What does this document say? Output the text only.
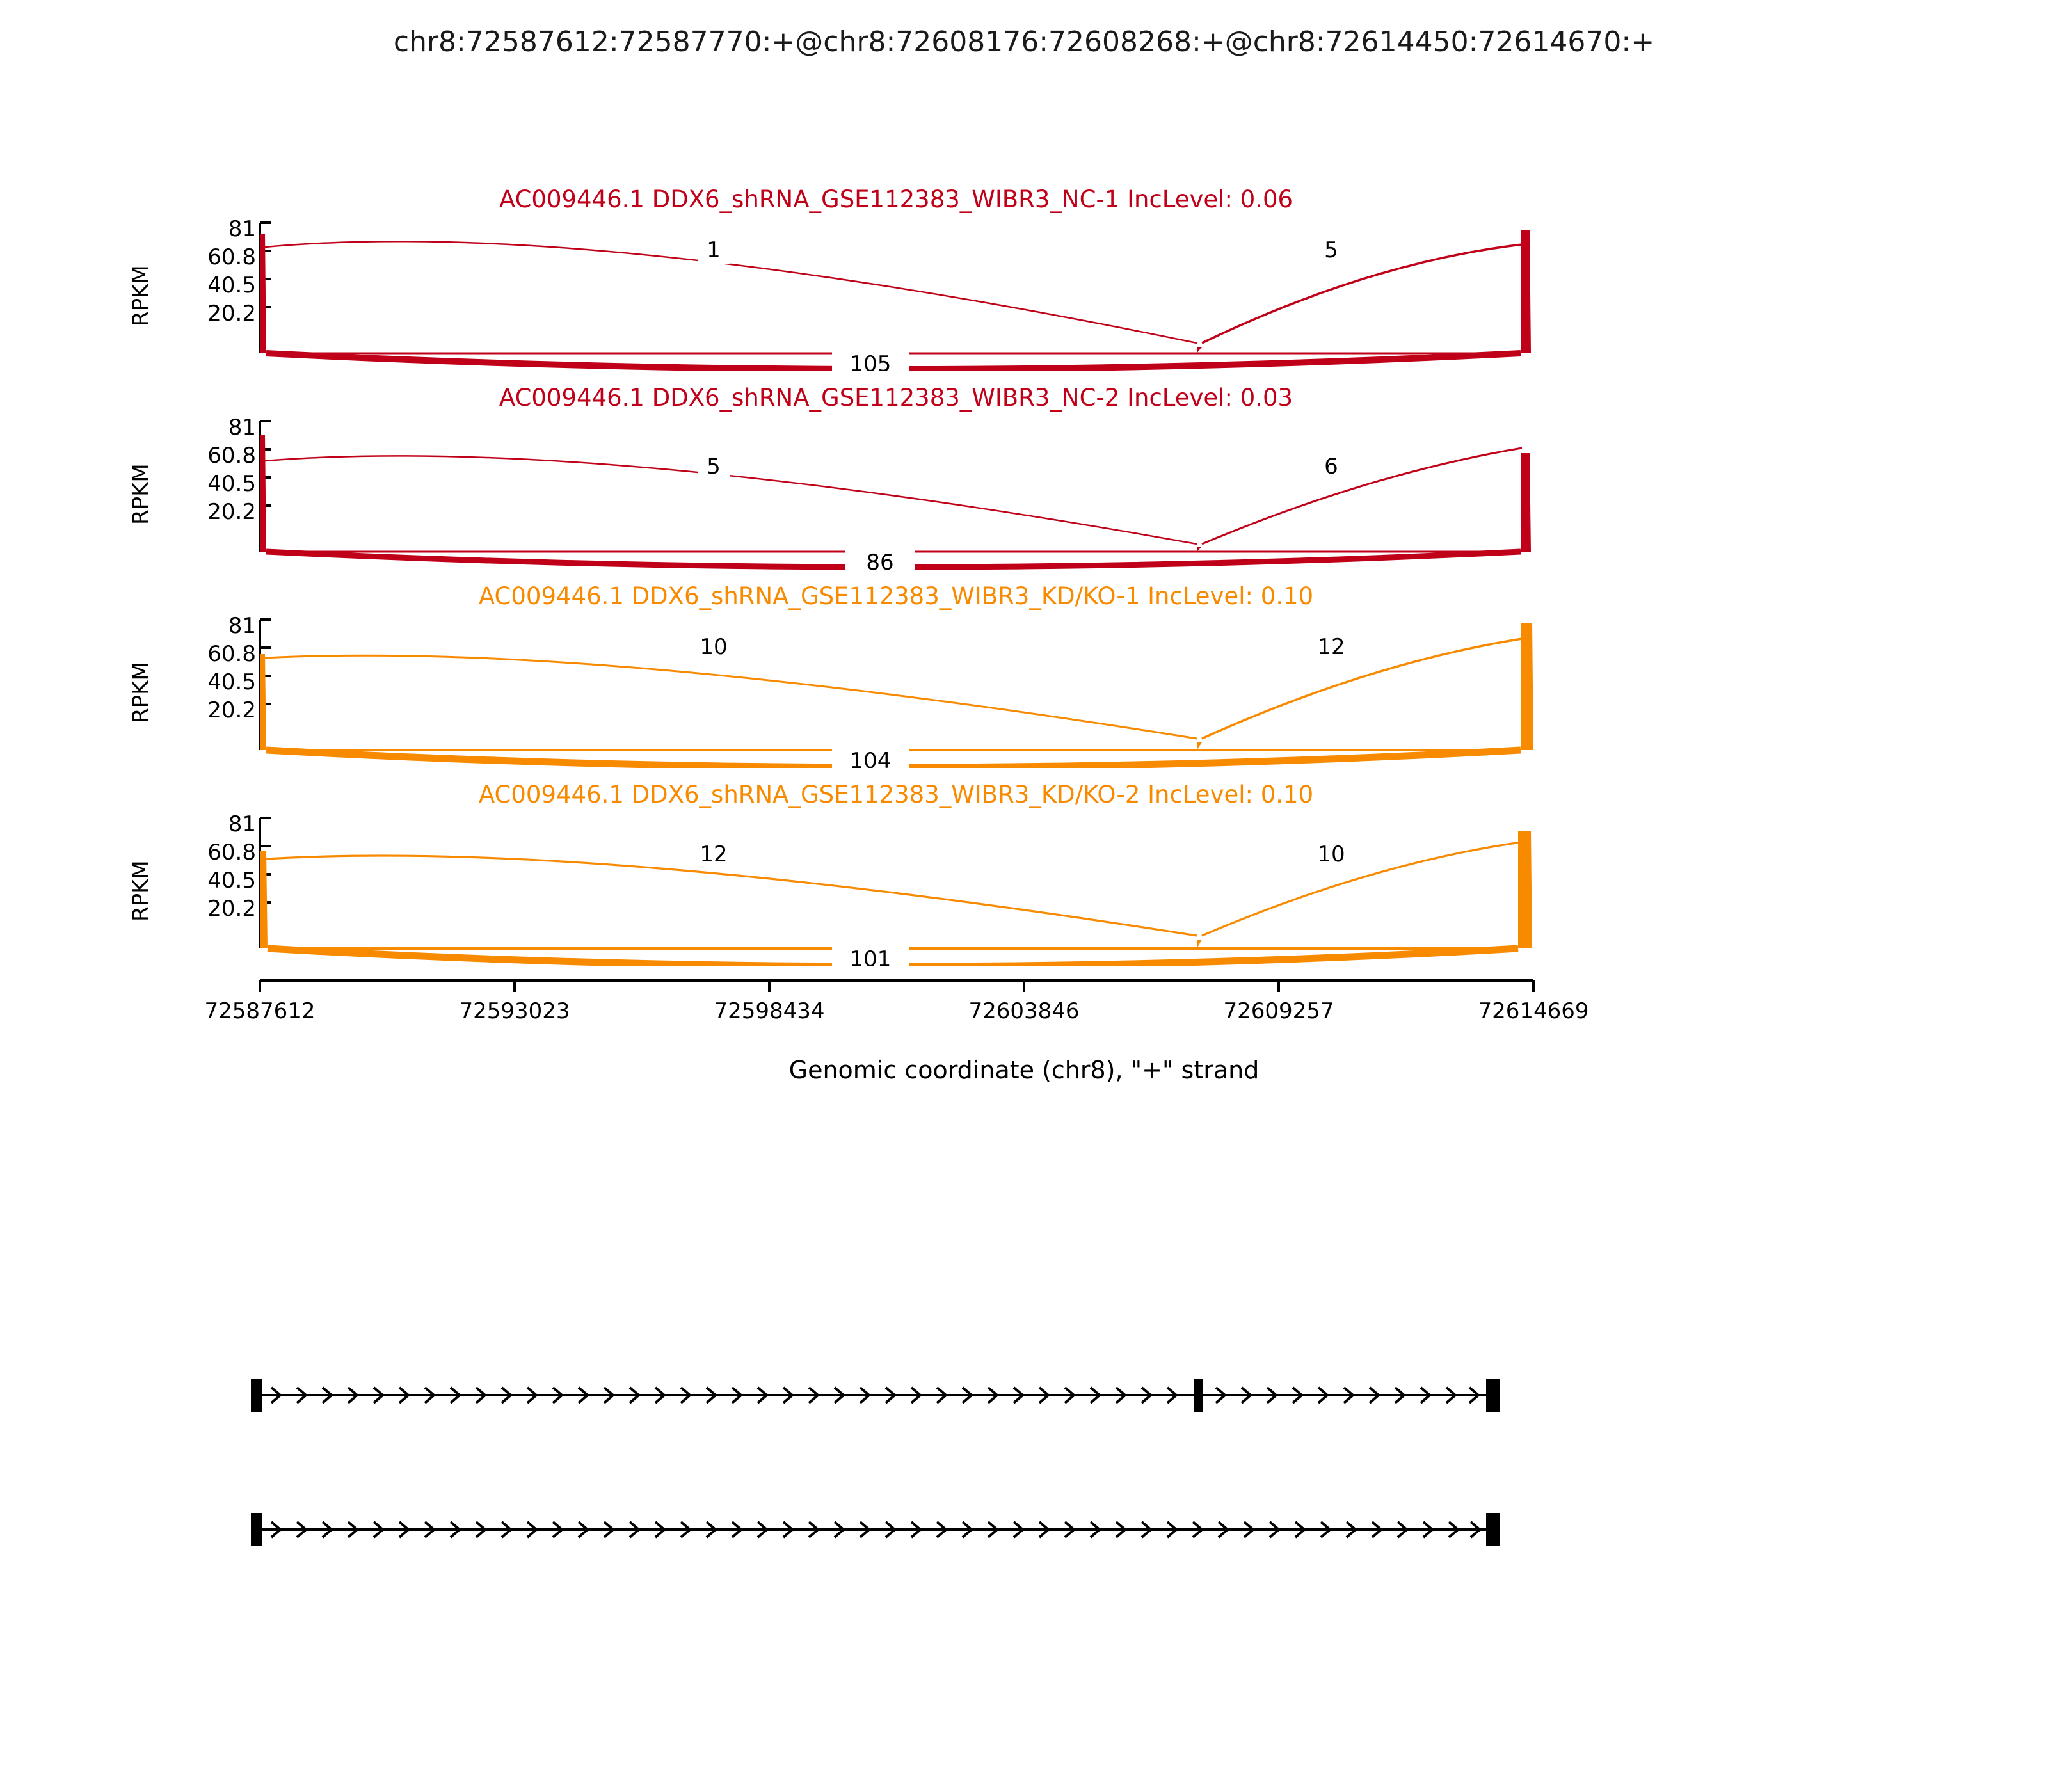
chr8:72587612:72587770:+@chr8:72608176:72608268:+@chr8:72614450:72614670:+
AC009446.1 DDX6_shRNA_GSE112383_WIBR3_NC-1 IncLevel: 0.06
RPKM
81
60.8
40.5
20.2
1	5
105
AC009446.1 DDX6_shRNA_GSE112383_WIBR3_NC-2 IncLevel: 0.03
RPKM
81
60.8
40.5
20.2
5	6
86
AC009446.1 DDX6_shRNA_GSE112383_WIBR3_KD/KO-1 IncLevel: 0.10
RPKM
81
60.8
40.5
20.2
10	12
104
AC009446.1 DDX6_shRNA_GSE112383_WIBR3_KD/KO-2 IncLevel: 0.10
RPKM
81
60.8
40.5
20.2
12	10
101
72587612	72593023	72598434	72603846	72609257	72614669
Genomic coordinate (chr8), "+" strand
